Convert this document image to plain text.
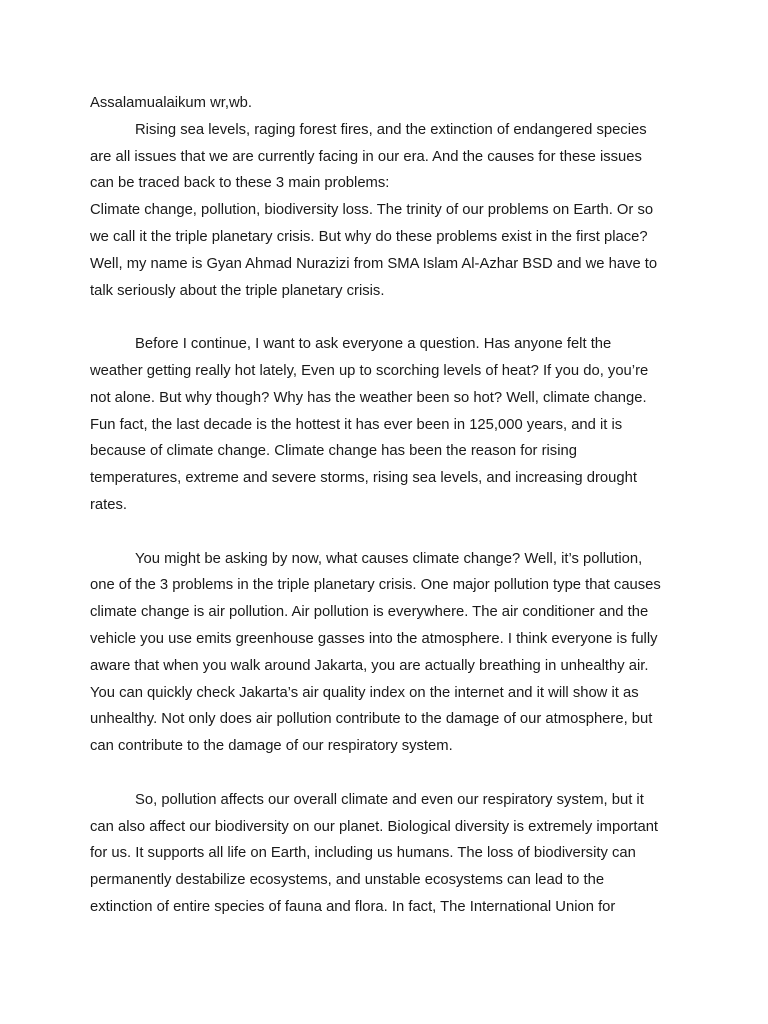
Assalamualaikum wr,wb.
Rising sea levels, raging forest fires, and the extinction of endangered species
are all issues that we are currently facing in our era. And the causes for these issues
can be traced back to these 3 main problems:
Climate change, pollution, biodiversity loss. The trinity of our problems on Earth. Or so
we call it the triple planetary crisis. But why do these problems exist in the first place?
Well, my name is Gyan Ahmad Nurazizi from SMA Islam Al-Azhar BSD and we have to
talk seriously about the triple planetary crisis.
Before I continue, I want to ask everyone a question. Has anyone felt the
weather getting really hot lately, Even up to scorching levels of heat? If you do, you’re
not alone. But why though? Why has the weather been so hot? Well, climate change.
Fun fact, the last decade is the hottest it has ever been in 125,000 years, and it is
because of climate change. Climate change has been the reason for rising
temperatures, extreme and severe storms, rising sea levels, and increasing drought
rates.
You might be asking by now, what causes climate change? Well, it’s pollution,
one of the 3 problems in the triple planetary crisis. One major pollution type that causes
climate change is air pollution. Air pollution is everywhere. The air conditioner and the
vehicle you use emits greenhouse gasses into the atmosphere. I think everyone is fully
aware that when you walk around Jakarta, you are actually breathing in unhealthy air.
You can quickly check Jakarta’s air quality index on the internet and it will show it as
unhealthy. Not only does air pollution contribute to the damage of our atmosphere, but
can contribute to the damage of our respiratory system.
So, pollution affects our overall climate and even our respiratory system, but it
can also affect our biodiversity on our planet. Biological diversity is extremely important
for us. It supports all life on Earth, including us humans. The loss of biodiversity can
permanently destabilize ecosystems, and unstable ecosystems can lead to the
extinction of entire species of fauna and flora. In fact, The International Union for
